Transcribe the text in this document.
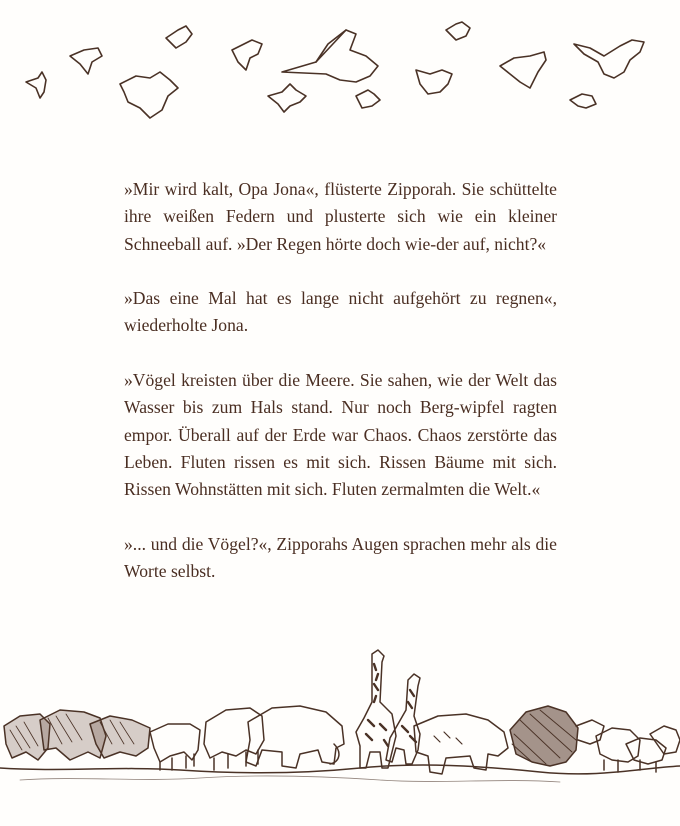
»Mir wird kalt, Opa Jona«, flüsterte Zipporah. Sie schüttelte ihre weißen Federn und plusterte sich wie ein kleiner Schneeball auf. »Der Regen hörte doch wie-der auf, nicht?«

»Das eine Mal hat es lange nicht aufgehört zu regnen«, wiederholte Jona.

»Vögel kreisten über die Meere. Sie sahen, wie der Welt das Wasser bis zum Hals stand. Nur noch Berg-wipfel ragten empor. Überall auf der Erde war Chaos. Chaos zerstörte das Leben. Fluten rissen es mit sich. Rissen Bäume mit sich. Rissen Wohnstätten mit sich. Fluten zermalmten die Welt.«

»... und die Vögel?«, Zipporahs Augen sprachen mehr als die Worte selbst.
